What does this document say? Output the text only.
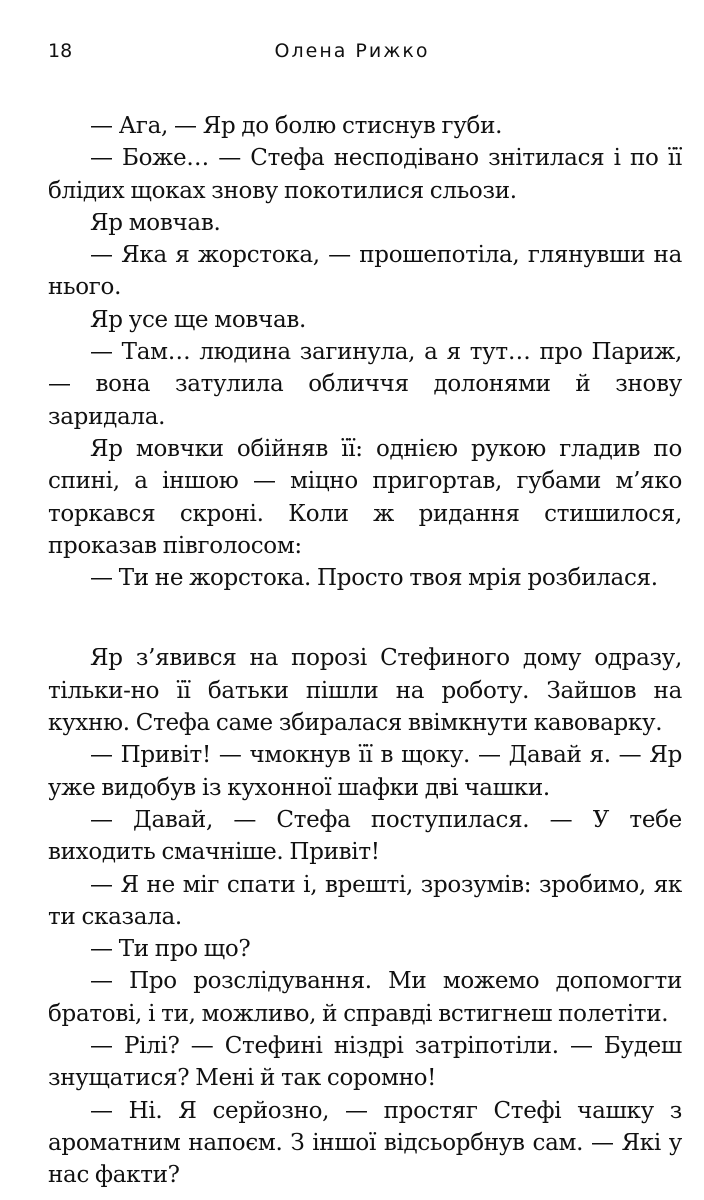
18	Олена Рижко

— Ага, — Яр до болю стиснув губи.

— Боже… — Стефа несподівано знітилася і по її блідих щоках знову покотилися сльози.

Яр мовчав.

— Яка я жорстока, — прошепотіла, глянувши на нього.

Яр усе ще мовчав.

— Там… людина загинула, а я тут… про Париж, — вона затулила обличчя долонями й знову заридала.

Яр мовчки обійняв її: однією рукою гладив по спині, а іншою — міцно пригортав, губами м’яко торкався скроні. Коли ж ридання стишилося, проказав півголосом:

— Ти не жорстока. Просто твоя мрія розбилася.

Яр з’явився на порозі Стефиного дому одразу, тільки-но її батьки пішли на роботу. Зайшов на кухню. Стефа саме збиралася ввімкнути кавоварку.

— Привіт! — чмокнув її в щоку. — Давай я. — Яр уже видобув із кухонної шафки дві чашки.

— Давай, — Стефа поступилася. — У тебе виходить смачніше. Привіт!

— Я не міг спати і, врешті, зрозумів: зробимо, як ти сказала.

— Ти про що?

— Про розслідування. Ми можемо допомогти братові, і ти, можливо, й справді встигнеш полетіти.

— Рілі? — Стефині ніздрі затріпотіли. — Будеш знущатися? Мені й так соромно!

— Ні. Я серйозно, — простяг Стефі чашку з ароматним напоєм. З іншої відсьорбнув сам. — Які у нас факти?
